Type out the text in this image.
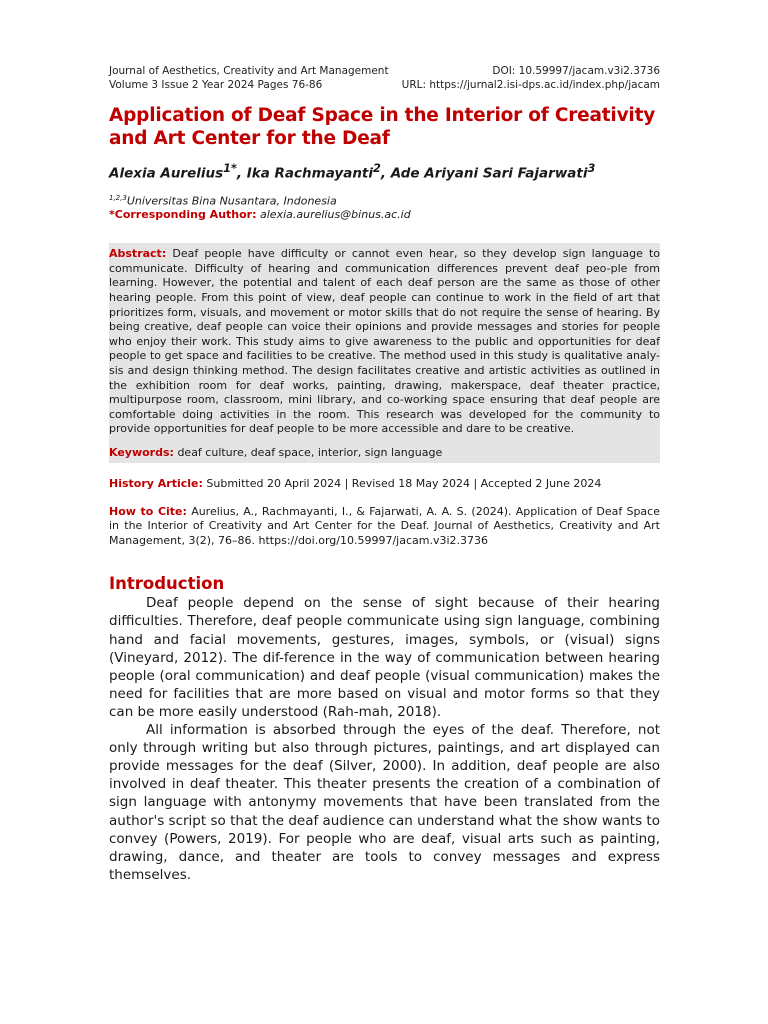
Journal of Aesthetics, Creativity and Art Management
Volume 3 Issue 2 Year 2024 Pages 76-86
DOI: 10.59997/jacam.v3i2.3736
URL: https://jurnal2.isi-dps.ac.id/index.php/jacam
Application of Deaf Space in the Interior of Creativity and Art Center for the Deaf
Alexia Aurelius$^{1*}$, Ika Rachmayanti$^2$, Ade Ariyani Sari Fajarwati$^3$
$^{1,2,3}$Universitas Bina Nusantara, Indonesia
*Corresponding Author: alexia.aurelius@binus.ac.id

Abstract: Deaf people have difficulty or cannot even hear, so they develop sign language to communicate. Difficulty of hearing and communication differences prevent deaf peo-ple from learning. However, the potential and talent of each deaf person are the same as those of other hearing people. From this point of view, deaf people can continue to work in the field of art that prioritizes form, visuals, and movement or motor skills that do not require the sense of hearing. By being creative, deaf people can voice their opinions and provide messages and stories for people who enjoy their work. This study aims to give awareness to the public and opportunities for deaf people to get space and facilities to be creative. The method used in this study is qualitative analy-sis and design thinking method. The design facilitates creative and artistic activities as outlined in the exhibition room for deaf works, painting, drawing, makerspace, deaf theater practice, multipurpose room, classroom, mini library, and co-working space ensuring that deaf people are comfortable doing activities in the room. This research was developed for the community to provide opportunities for deaf people to be more accessible and dare to be creative.

Keywords: deaf culture, deaf space, interior, sign language
History Article: Submitted 20 April 2024 | Revised 18 May 2024 | Accepted 2 June 2024
How to Cite: Aurelius, A., Rachmayanti, I., & Fajarwati, A. A. S. (2024). Application of Deaf Space in the Interior of Creativity and Art Center for the Deaf. Journal of Aesthetics, Creativity and Art Management, 3(2), 76–86. https://doi.org/10.59997/jacam.v3i2.3736
Introduction

Deaf people depend on the sense of sight because of their hearing difficulties. Therefore, deaf people communicate using sign language, combining hand and facial movements, gestures, images, symbols, or (visual) signs (Vineyard, 2012). The dif-ference in the way of communication between hearing people (oral communication) and deaf people (visual communication) makes the need for facilities that are more based on visual and motor forms so that they can be more easily understood (Rah-mah, 2018).

All information is absorbed through the eyes of the deaf. Therefore, not only through writing but also through pictures, paintings, and art displayed can provide messages for the deaf (Silver, 2000). In addition, deaf people are also involved in deaf theater. This theater presents the creation of a combination of sign language with antonymy movements that have been translated from the author's script so that the deaf audience can understand what the show wants to convey (Powers, 2019). For people who are deaf, visual arts such as painting, drawing, dance, and theater are tools to convey messages and express themselves.
